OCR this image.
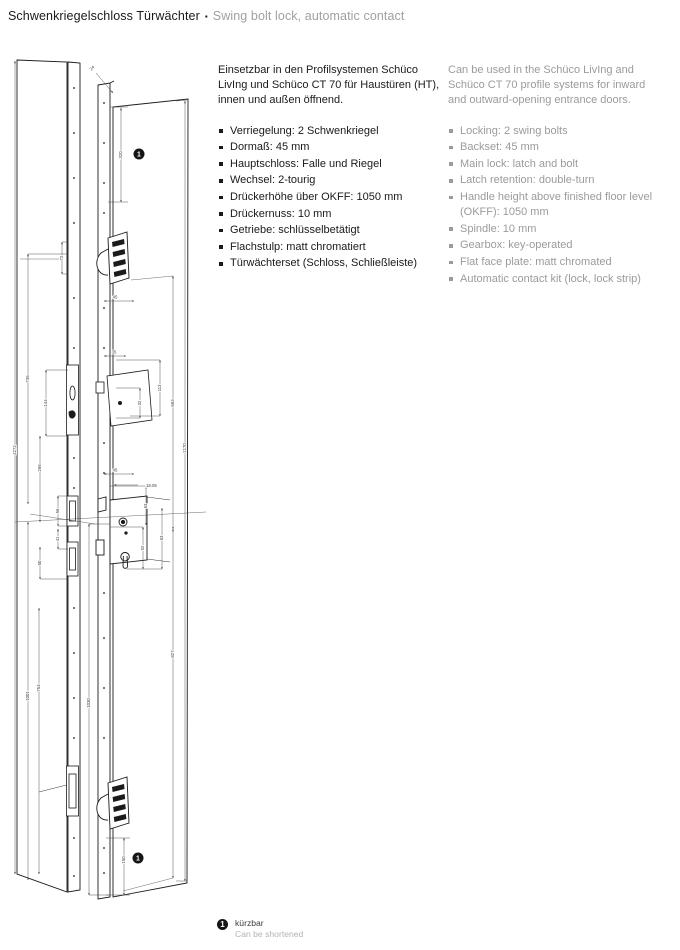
Schwenkriegelschloss Türwächter ▪ Swing bolt lock, automatic contact
2272
736
1001
754
266
60
144
56
41
72
2170
663
827
1030
320
150
113
32
63
92
63
45
35
45
18.05
24
1
1

Einsetzbar in den Profilsystemen Schüco LivIng und Schüco CT 70 für Haustüren (HT), innen und außen öffnend.

Verriegelung: 2 Schwenkriegel
Dormaß: 45 mm
Hauptschloss: Falle und Riegel
Wechsel: 2-tourig
Drückerhöhe über OKFF: 1050 mm
Drückernuss: 10 mm
Getriebe: schlüsselbetätigt
Flachstulp: matt chromatiert
Türwächterset (Schloss, Schließleiste)

Can be used in the Schüco LivIng and Schüco CT 70 profile systems for inward and outward-opening entrance doors.

Locking: 2 swing bolts
Backset: 45 mm
Main lock: latch and bolt
Latch retention: double-turn
Handle height above finished floor level (OKFF): 1050 mm
Spindle: 10 mm
Gearbox: key-operated
Flat face plate: matt chromated
Automatic contact kit (lock, lock strip)
1	kürzbar
Can be shortened
